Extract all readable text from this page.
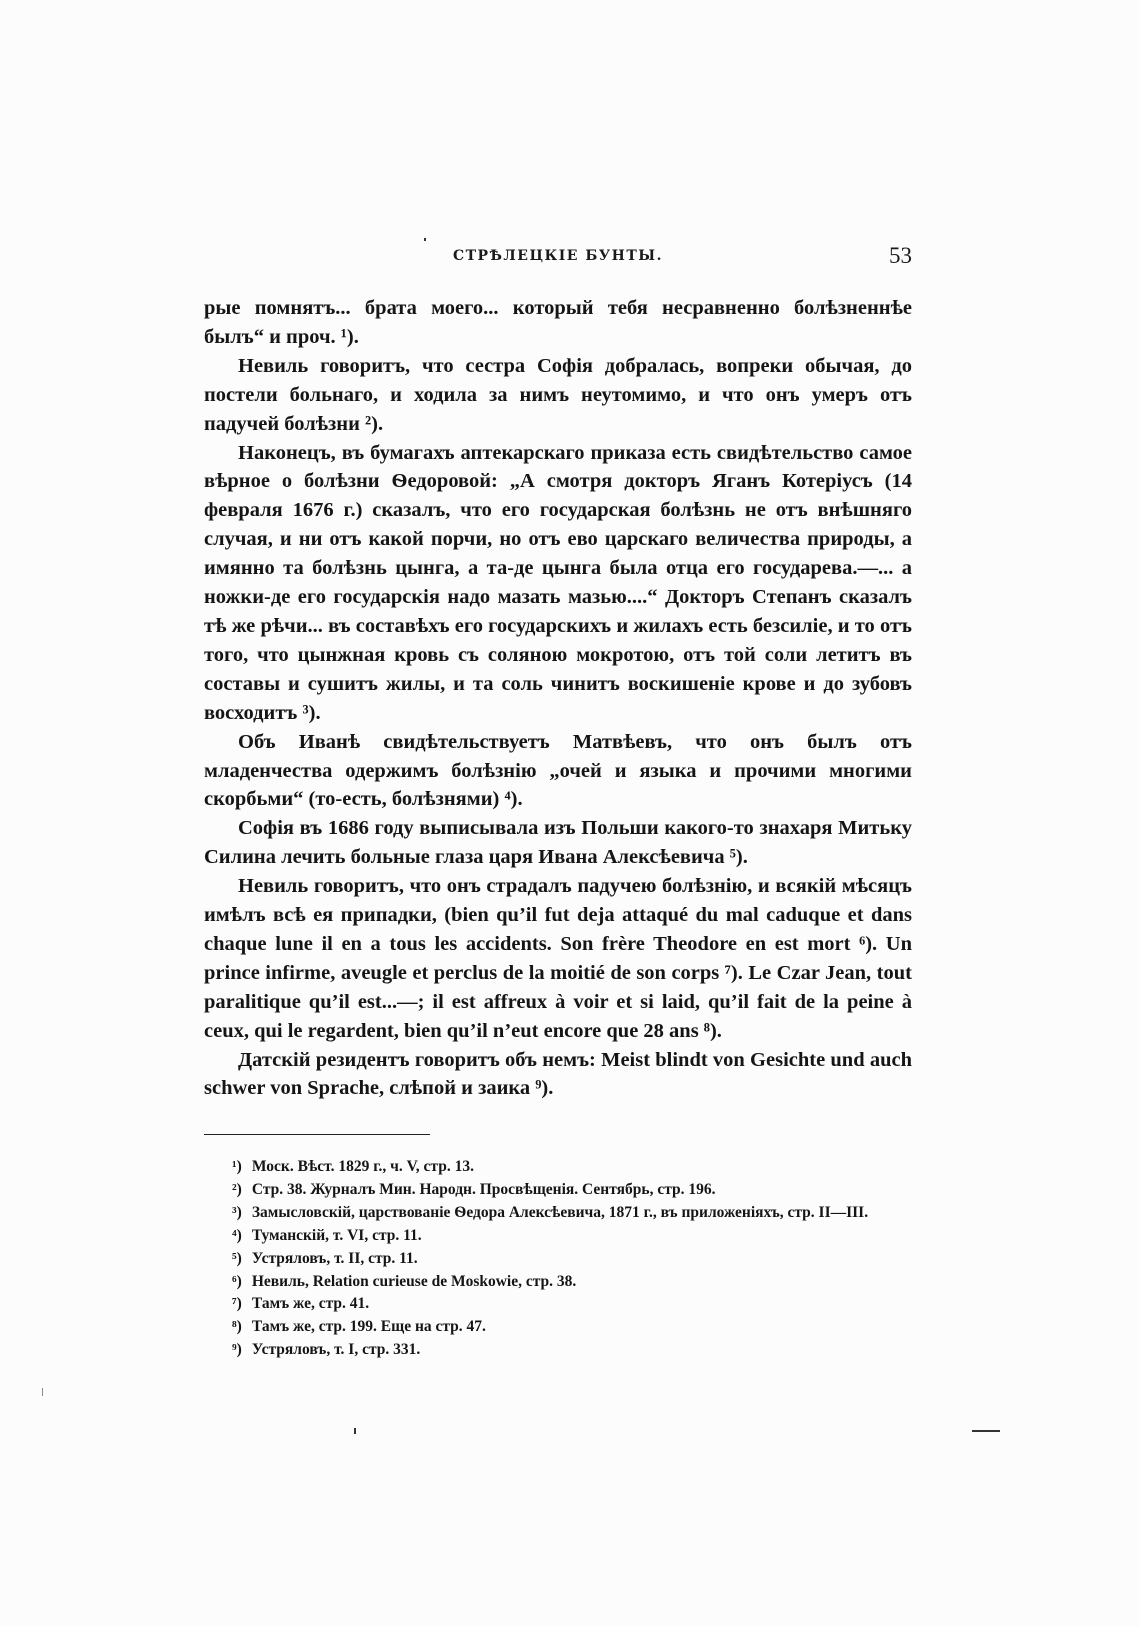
СТРѢЛЕЦКІЕ БУНТЫ.	53

рые помнятъ... брата моего... который тебя несравненно болѣзненнѣе былъ“ и проч. ¹).

Невиль говоритъ, что сестра Софія добралась, вопреки обычая, до постели больнаго, и ходила за нимъ неутомимо, и что онъ умеръ отъ падучей болѣзни ²).

Наконецъ, въ бумагахъ аптекарскаго приказа есть свидѣтельство самое вѣрное о болѣзни Ѳедоровой: „А смотря докторъ Яганъ Котеріусъ (14 февраля 1676 г.) сказалъ, что его государская болѣзнь не отъ внѣшняго случая, и ни отъ какой порчи, но отъ ево царскаго величества природы, а имянно та болѣзнь цынга, а та-де цынга была отца его государева.—... а ножки-де его государскія надо мазать мазью....“ Докторъ Степанъ сказалъ тѣ же рѣчи... въ составѣхъ его государскихъ и жилахъ есть безсиліе, и то отъ того, что цынжная кровь съ соляною мокротою, отъ той соли летитъ въ составы и сушитъ жилы, и та соль чинитъ воскишеніе крове и до зубовъ восходитъ ³).

Объ Иванѣ свидѣтельствуетъ Матвѣевъ, что онъ былъ отъ младенчества одержимъ болѣзнію „очей и языка и прочими многими скорбьми“ (то-есть, болѣзнями) ⁴).

Софія въ 1686 году выписывала изъ Польши какого-то знахаря Митьку Силина лечить больные глаза царя Ивана Алексѣевича ⁵).

Невиль говоритъ, что онъ страдалъ падучею болѣзнію, и всякій мѣсяцъ имѣлъ всѣ ея припадки, (bien qu’il fut deja attaqué du mal caduque et dans chaque lune il en a tous les accidents. Son frère Theodore en est mort ⁶). Un prince infirme, aveugle et perclus de la moitié de son corps ⁷). Le Czar Jean, tout paralitique qu’il est...—; il est affreux à voir et si laid, qu’il fait de la peine à ceux, qui le regardent, bien qu’il n’eut encore que 28 ans ⁸).

Датскій резидентъ говоритъ объ немъ: Meist blindt von Gesichte und auch schwer von Sprache, слѣпой и заика ⁹).

¹) Моск. Вѣст. 1829 г., ч. V, стр. 13.

²) Стр. 38. Журналъ Мин. Народн. Просвѣщенія. Сентябрь, стр. 196.

³) Замысловскій, царствованіе Ѳедора Алексѣевича, 1871 г., въ приложеніяхъ, стр. II—III.

⁴) Туманскій, т. VI, стр. 11.

⁵) Устряловъ, т. II, стр. 11.

⁶) Невиль, Relation curieuse de Moskowie, стр. 38.

⁷) Тамъ же, стр. 41.

⁸) Тамъ же, стр. 199. Еще на стр. 47.

⁹) Устряловъ, т. I, стр. 331.
